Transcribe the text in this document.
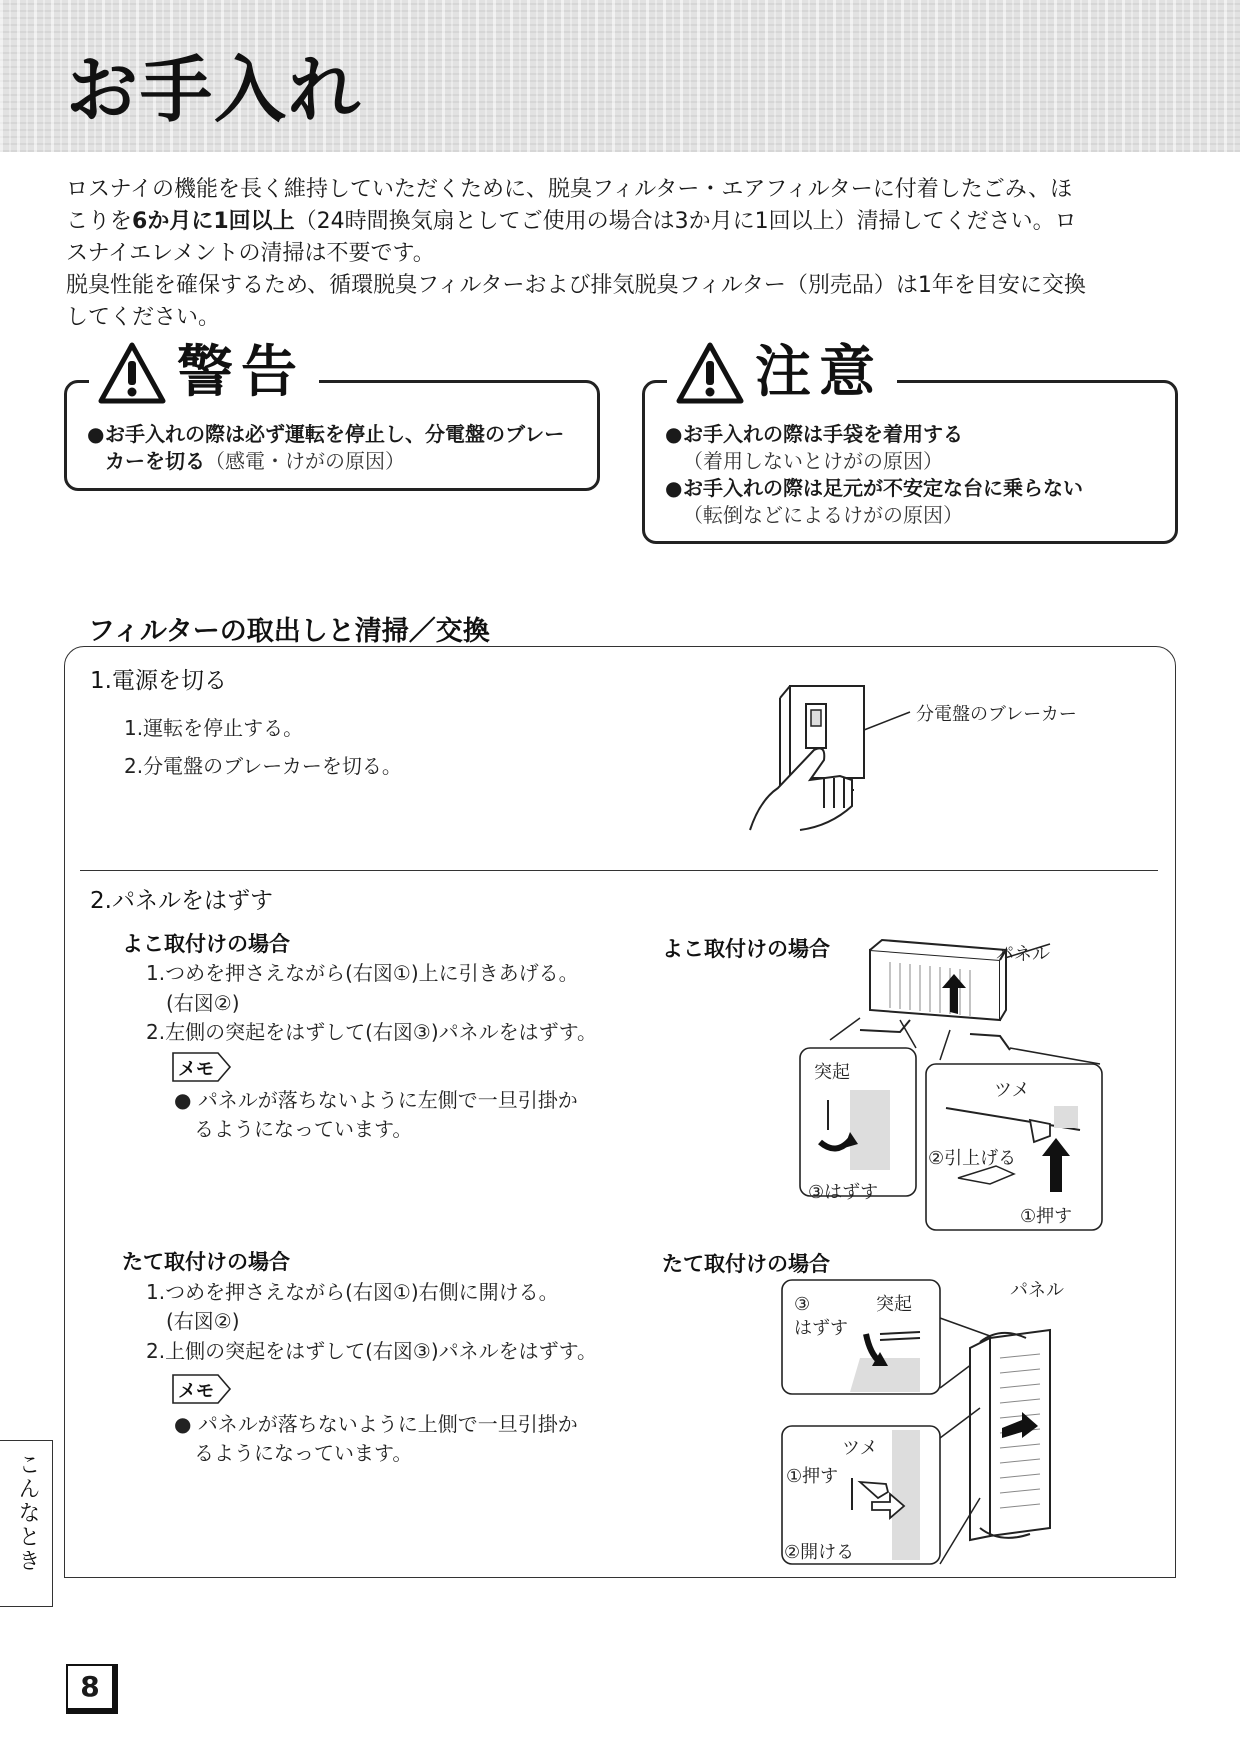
お手入れ

ロスナイの機能を長く維持していただくために、脱臭フィルター・エアフィルターに付着したごみ、ほ

こりを6か月に1回以上（24時間換気扇としてご使用の場合は3か月に1回以上）清掃してください。ロ

スナイエレメントの清掃は不要です。

脱臭性能を確保するため、循環脱臭フィルターおよび排気脱臭フィルター（別売品）は1年を目安に交換

してください。

警告
● お手入れの際は必ず運転を停止し、分電盤のブレー
カーを切る（感電・けがの原因）
注意
● お手入れの際は手袋を着用する
（着用しないとけがの原因）
● お手入れの際は足元が不安定な台に乗らない
（転倒などによるけがの原因）
フィルターの取出しと清掃／交換
1.電源を切る
1.運転を停止する。
2.分電盤のブレーカーを切る。
分電盤のブレーカー
2.パネルをはずす
よこ取付けの場合
1.つめを押さえながら(右図①)上に引きあげる。
(右図②)
2.左側の突起をはずして(右図③)パネルをはずす。
メモ
● パネルが落ちないように左側で一旦引掛か
るようになっています。
よこ取付けの場合	パネル
突起
③はずす
ツメ
②引上げる
①押す
たて取付けの場合
1.つめを押さえながら(右図①)右側に開ける。
(右図②)
2.上側の突起をはずして(右図③)パネルをはずす。
メモ
● パネルが落ちないように上側で一旦引掛か
るようになっています。
たて取付けの場合
パネル
③
はずす
突起
ツメ
①押す
②開ける
こんなとき
8
